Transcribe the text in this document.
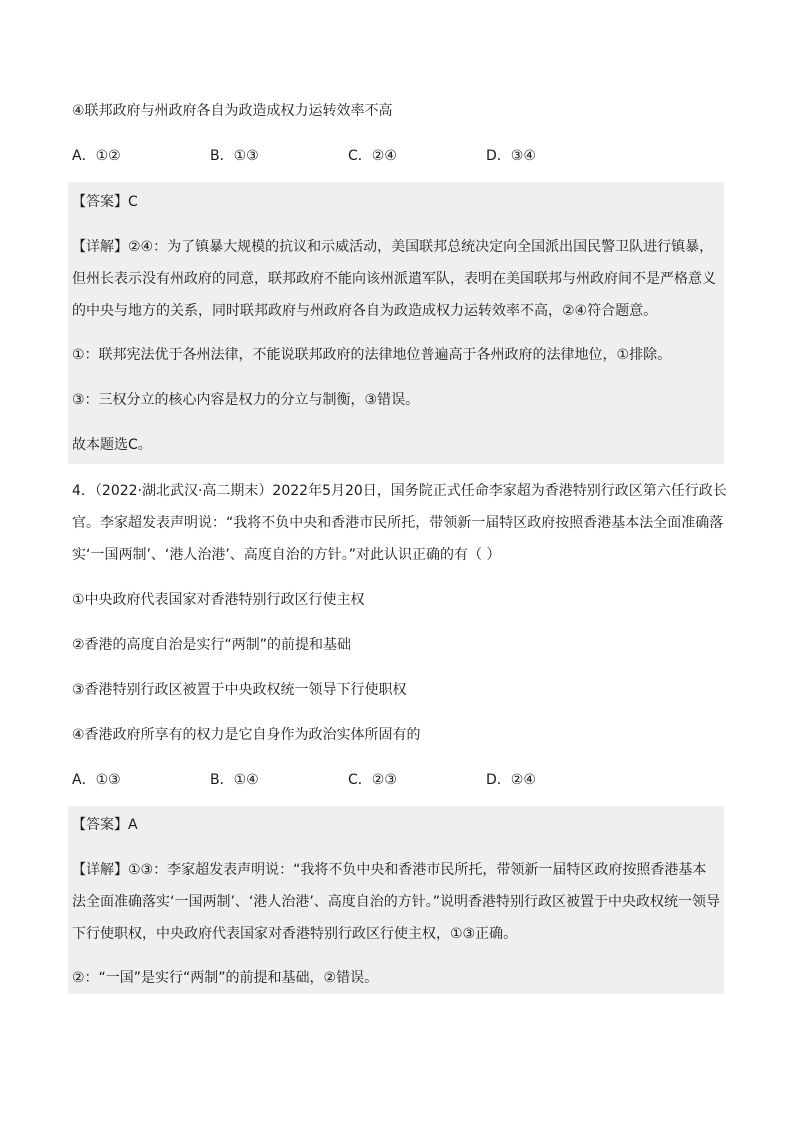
④联邦政府与州政府各自为政造成权力运转效率不高
A．①②	B．①③	C．②④	D．③④
【答案】C
【详解】②④：为了镇暴大规模的抗议和示威活动，美国联邦总统决定向全国派出国民警卫队进行镇暴，
但州长表示没有州政府的同意，联邦政府不能向该州派遣军队，表明在美国联邦与州政府间不是严格意义
的中央与地方的关系，同时联邦政府与州政府各自为政造成权力运转效率不高，②④符合题意。
①：联邦宪法优于各州法律，不能说联邦政府的法律地位普遍高于各州政府的法律地位，①排除。
③：三权分立的核心内容是权力的分立与制衡，③错误。
故本题选C。
4．（2022·湖北武汉·高二期末）2022年5月20日，国务院正式任命李家超为香港特别行政区第六任行政长
官。李家超发表声明说：“我将不负中央和香港市民所托，带领新一届特区政府按照香港基本法全面准确落
实‘一国两制’、‘港人治港’、高度自治的方针。”对此认识正确的有（ ）
①中央政府代表国家对香港特别行政区行使主权
②香港的高度自治是实行“两制”的前提和基础
③香港特别行政区被置于中央政权统一领导下行使职权
④香港政府所享有的权力是它自身作为政治实体所固有的
A．①③	B．①④	C．②③	D．②④
【答案】A
【详解】①③：李家超发表声明说：“我将不负中央和香港市民所托，带领新一届特区政府按照香港基本
法全面准确落实‘一国两制’、‘港人治港’、高度自治的方针。”说明香港特别行政区被置于中央政权统一领导
下行使职权，中央政府代表国家对香港特别行政区行使主权，①③正确。
②：“一国”是实行“两制”的前提和基础，②错误。
